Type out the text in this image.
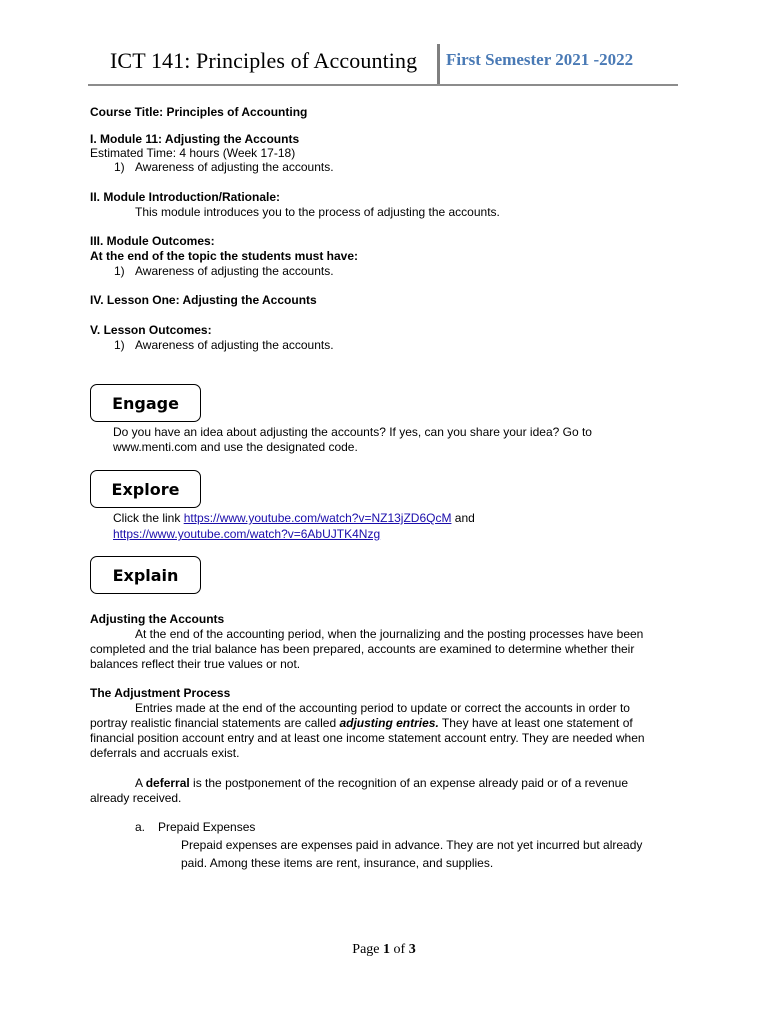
ICT 141: Principles of Accounting First Semester 2021 -2022
Course Title: Principles of Accounting
I. Module 11: Adjusting the Accounts
Estimated Time: 4 hours (Week 17-18)
1) Awareness of adjusting the accounts.
II. Module Introduction/Rationale:
This module introduces you to the process of adjusting the accounts.
III. Module Outcomes:
At the end of the topic the students must have:
1) Awareness of adjusting the accounts.
IV. Lesson One: Adjusting the Accounts
V. Lesson Outcomes:
1) Awareness of adjusting the accounts.
Engage
Do you have an idea about adjusting the accounts? If yes, can you share your idea? Go to
www.menti.com and use the designated code.
Explore
Click the link https://www.youtube.com/watch?v=NZ13jZD6QcM and
https://www.youtube.com/watch?v=6AbUJTK4Nzg
Explain
Adjusting the Accounts
At the end of the accounting period, when the journalizing and the posting processes have been
completed and the trial balance has been prepared, accounts are examined to determine whether their
balances reflect their true values or not.
The Adjustment Process
Entries made at the end of the accounting period to update or correct the accounts in order to
portray realistic financial statements are called adjusting entries. They have at least one statement of
financial position account entry and at least one income statement account entry. They are needed when
deferrals and accruals exist.
A deferral is the postponement of the recognition of an expense already paid or of a revenue
already received.
a. Prepaid Expenses
Prepaid expenses are expenses paid in advance. They are not yet incurred but already
paid. Among these items are rent, insurance, and supplies.
Page 1 of 3
